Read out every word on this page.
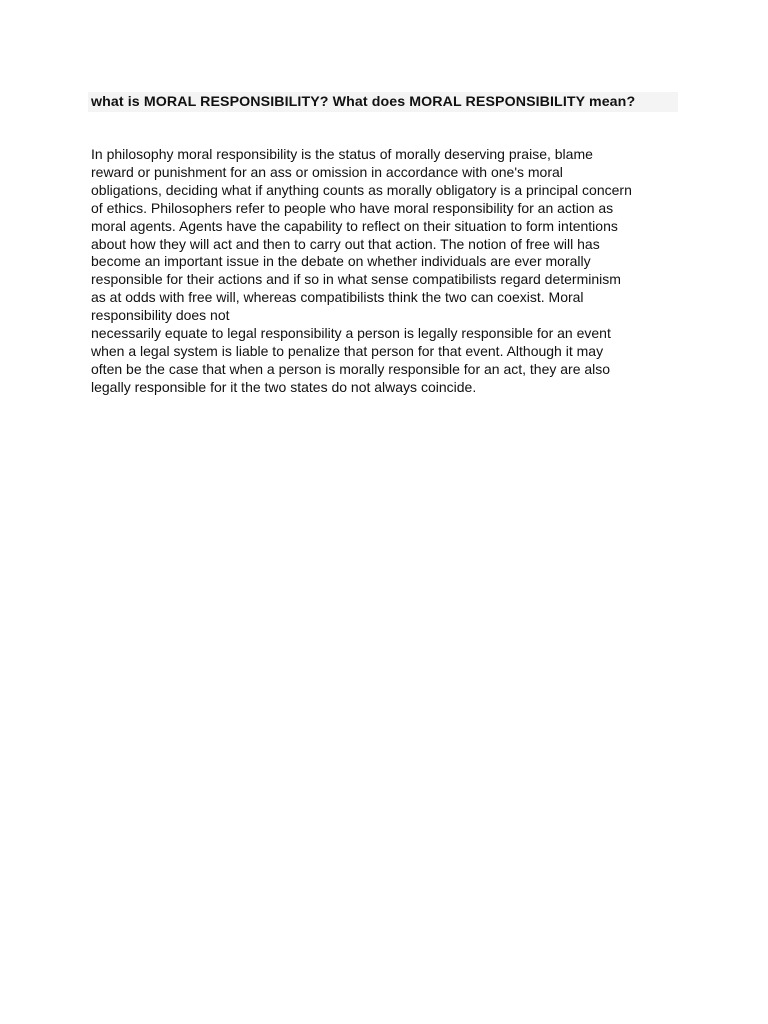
what is MORAL RESPONSIBILITY? What does MORAL RESPONSIBILITY mean?
In philosophy moral responsibility is the status of morally deserving praise, blame
reward or punishment for an ass or omission in accordance with one's moral
obligations, deciding what if anything counts as morally obligatory is a principal concern
of ethics. Philosophers refer to people who have moral responsibility for an action as
moral agents. Agents have the capability to reflect on their situation to form intentions
about how they will act and then to carry out that action. The notion of free will has
become an important issue in the debate on whether individuals are ever morally
responsible for their actions and if so in what sense compatibilists regard determinism
as at odds with free will, whereas compatibilists think the two can coexist. Moral
responsibility does not
necessarily equate to legal responsibility a person is legally responsible for an event
when a legal system is liable to penalize that person for that event. Although it may
often be the case that when a person is morally responsible for an act, they are also
legally responsible for it the two states do not always coincide.
